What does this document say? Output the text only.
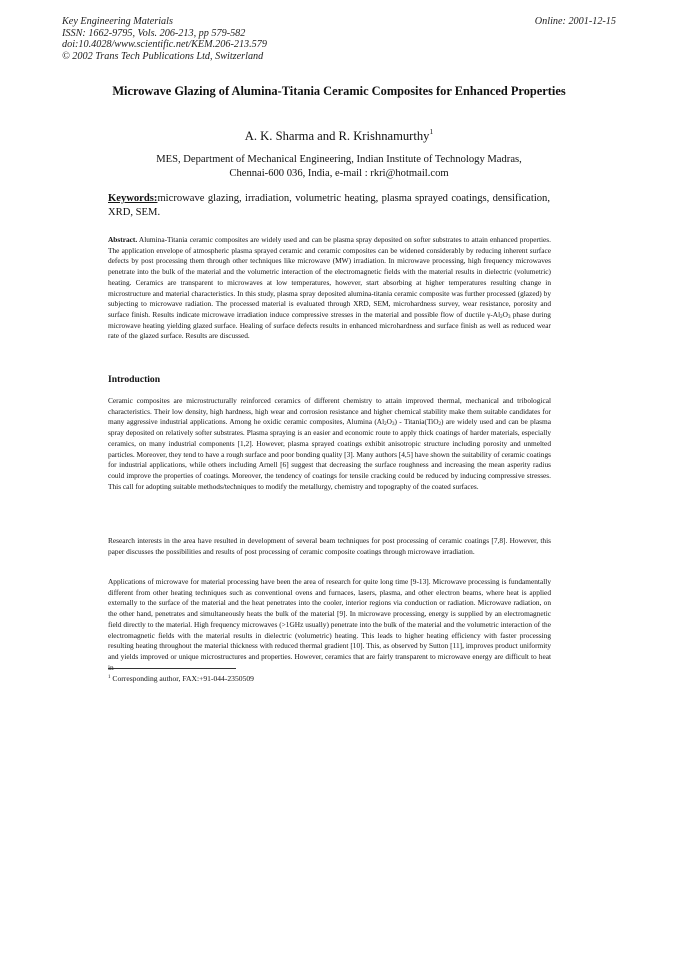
Key Engineering Materials
ISSN: 1662-9795, Vols. 206-213, pp 579-582
doi:10.4028/www.scientific.net/KEM.206-213.579
© 2002 Trans Tech Publications Ltd, Switzerland
Online: 2001-12-15
Microwave Glazing of Alumina-Titania Ceramic Composites for Enhanced Properties
A. K. Sharma and R. Krishnamurthy$^1$
MES, Department of Mechanical Engineering, Indian Institute of Technology Madras,
Chennai-600 036, India, e-mail : rkri@hotmail.com
Keywords:microwave glazing, irradiation, volumetric heating, plasma sprayed coatings, densification, XRD, SEM.
Abstract. Alumina-Titania ceramic composites are widely used and can be plasma spray deposited on softer substrates to attain enhanced properties. The application envelope of atmospheric plasma sprayed ceramic and ceramic composites can be widened considerably by reducing inherent surface defects by post processing them through other techniques like microwave (MW) irradiation. In microwave processing, high frequency microwaves penetrate into the bulk of the material and the volumetric interaction of the electromagnetic fields with the material results in dielectric (volumetric) heating. Ceramics are transparent to microwaves at low temperatures, however, start absorbing at higher temperatures resulting change in microstructure and material characteristics. In this study, plasma spray deposited alumina-titania ceramic composite was further processed (glazed) by subjecting to microwave radiation. The processed material is evaluated through XRD, SEM, microhardness survey, wear resistance, porosity and surface finish. Results indicate microwave irradiation induce compressive stresses in the material and possible flow of ductile $\gamma-Al_2O_3$ phase during microwave heating yielding glazed surface. Healing of surface defects results in enhanced microhardness and surface finish as well as reduced wear rate of the glazed surface. Results are discussed.
Introduction
Ceramic composites are microstructurally reinforced ceramics of different chemistry to attain improved thermal, mechanical and tribological characteristics. Their low density, high hardness, high wear and corrosion resistance and higher chemical stability make them suitable candidates for many aggressive industrial applications. Among he oxidic ceramic composites, Alumina $(Al_2O_3)$ - Titania(TiO$_2$) are widely used and can be plasma spray deposited on relatively softer substrates. Plasma spraying is an easier and economic route to apply thick coatings of harder materials, especially ceramics, on many industrial components [1,2]. However, plasma sprayed coatings exhibit anisotropic structure including porosity and unmelted particles. Moreover, they tend to have a rough surface and poor bonding quality [3]. Many authors [4,5] have shown the suitability of ceramic coatings for industrial applications, while others including Arnell [6] suggest that decreasing the surface roughness and increasing the mean asperity radius could improve the properties of coatings. Moreover, the tendency of coatings for tensile cracking could be reduced by inducing compressive stresses. This call for adopting suitable methods/techniques to modify the metallurgy, chemistry and topography of the coated surfaces.
Research interests in the area have resulted in development of several beam techniques for post processing of ceramic coatings [7,8]. However, this paper discusses the possibilities and results of post processing of ceramic composite coatings through microwave irradiation.
Applications of microwave for material processing have been the area of research for quite long time [9-13]. Microwave processing is fundamentally different from other heating techniques such as conventional ovens and furnaces, lasers, plasma, and other electron beams, where heat is applied externally to the surface of the material and the heat penetrates into the cooler, interior regions via conduction or radiation. Microwave radiation, on the other hand, penetrates and simultaneously heats the bulk of the material [9]. In microwave processing, energy is supplied by an electromagnetic field directly to the material. High frequency microwaves (>1GHz usually) penetrate into the bulk of the material and the volumetric interaction of the electromagnetic fields with the material results in dielectric (volumetric) heating. This leads to higher heating efficiency with faster processing resulting heating throughout the material thickness with reduced thermal gradient [10]. This, as observed by Sutton [11], improves product uniformity and yields improved or unique microstructures and properties. However, ceramics that are fairly transparent to microwave energy are difficult to heat in
$^1$ Corresponding author, FAX:+91-044-2350509
